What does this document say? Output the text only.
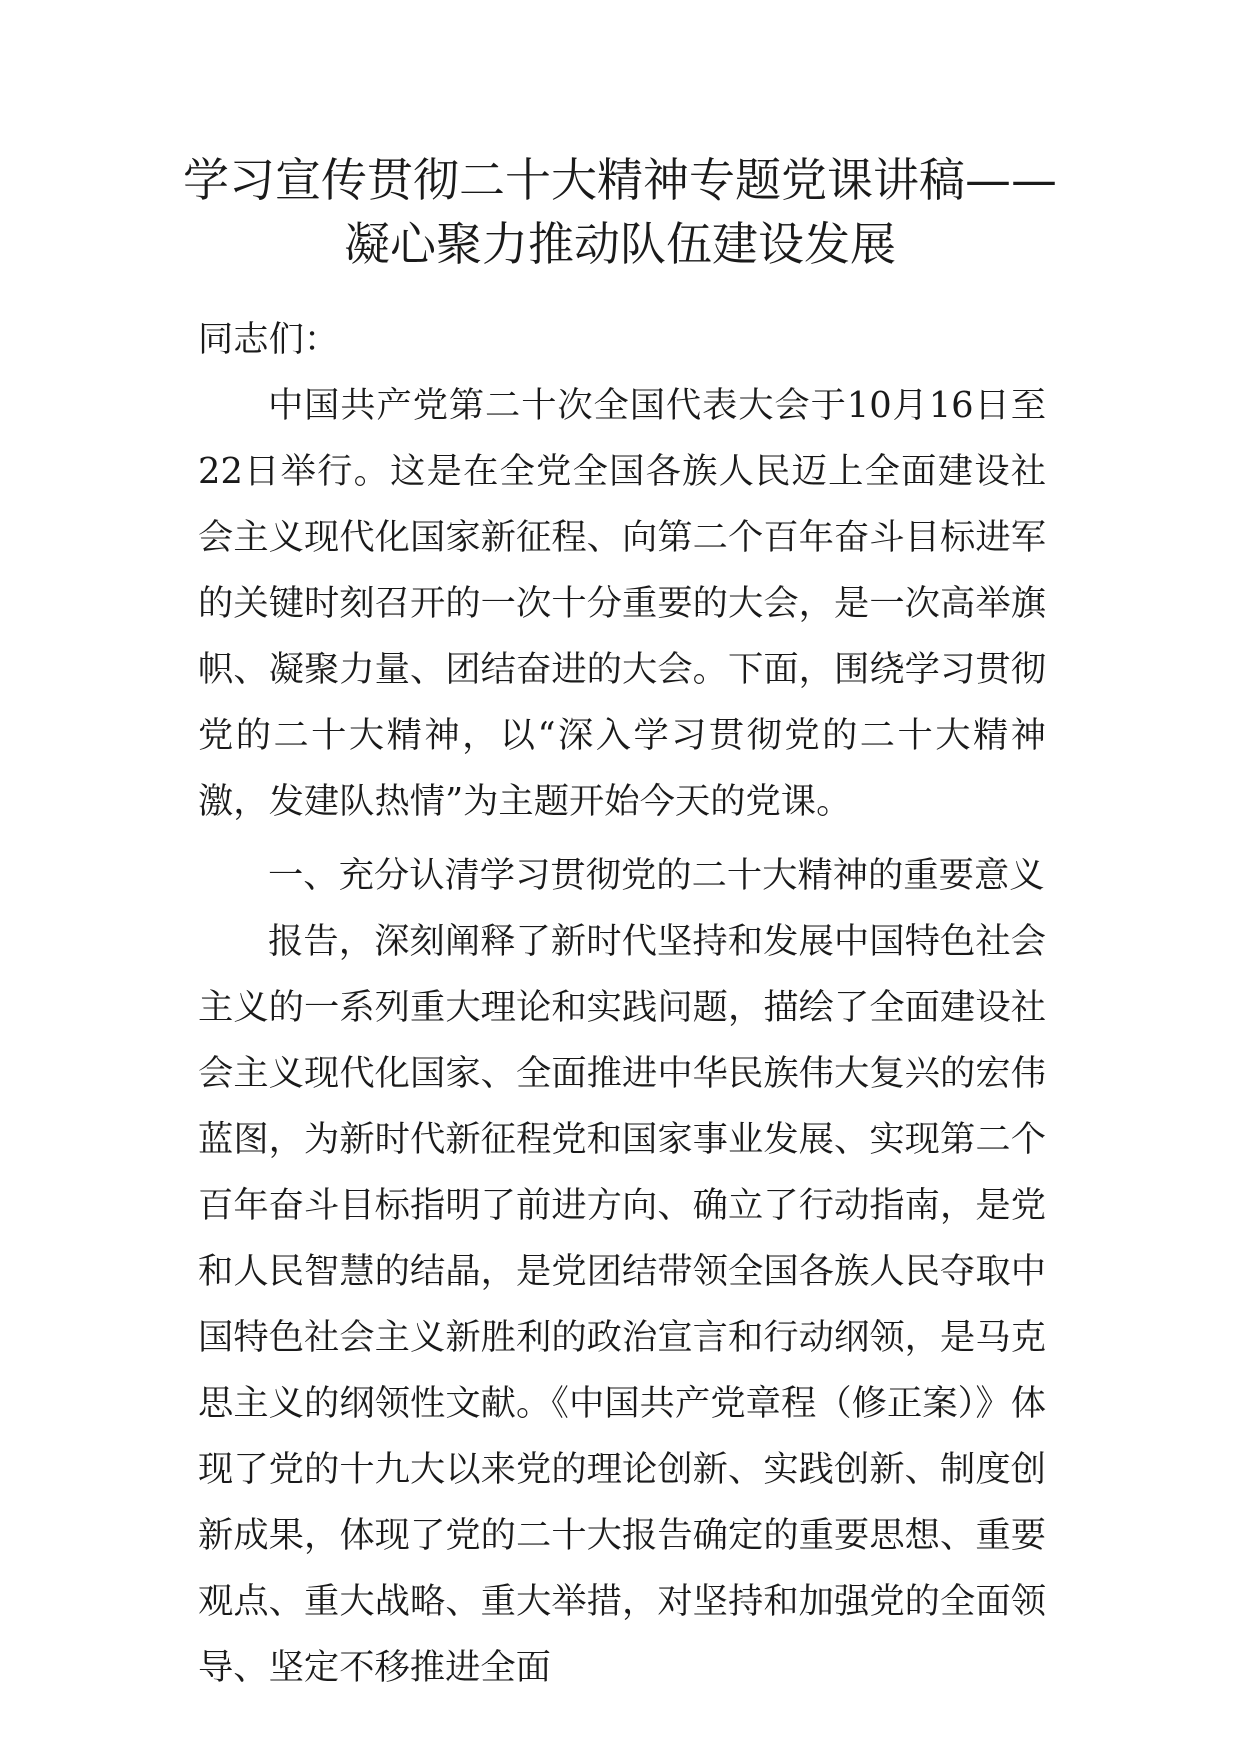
学习宣传贯彻二十大精神专题党课讲稿——凝心聚力推动队伍建设发展

同志们：

中国共产党第二十次全国代表大会于10月16日至22日举行。这是在全党全国各族人民迈上全面建设社会主义现代化国家新征程、向第二个百年奋斗目标进军的关键时刻召开的一次十分重要的大会，是一次高举旗帜、凝聚力量、团结奋进的大会。下面，围绕学习贯彻党的二十大精神，以“深入学习贯彻党的二十大精神激，发建队热情”为主题开始今天的党课。

一、充分认清学习贯彻党的二十大精神的重要意义

报告，深刻阐释了新时代坚持和发展中国特色社会主义的一系列重大理论和实践问题，描绘了全面建设社会主义现代化国家、全面推进中华民族伟大复兴的宏伟蓝图，为新时代新征程党和国家事业发展、实现第二个百年奋斗目标指明了前进方向、确立了行动指南，是党和人民智慧的结晶，是党团结带领全国各族人民夺取中国特色社会主义新胜利的政治宣言和行动纲领，是马克思主义的纲领性文献。《中国共产党章程（修正案）》体现了党的十九大以来党的理论创新、实践创新、制度创新成果，体现了党的二十大报告确定的重要思想、重要观点、重大战略、重大举措，对坚持和加强党的全面领导、坚定不移推进全面
